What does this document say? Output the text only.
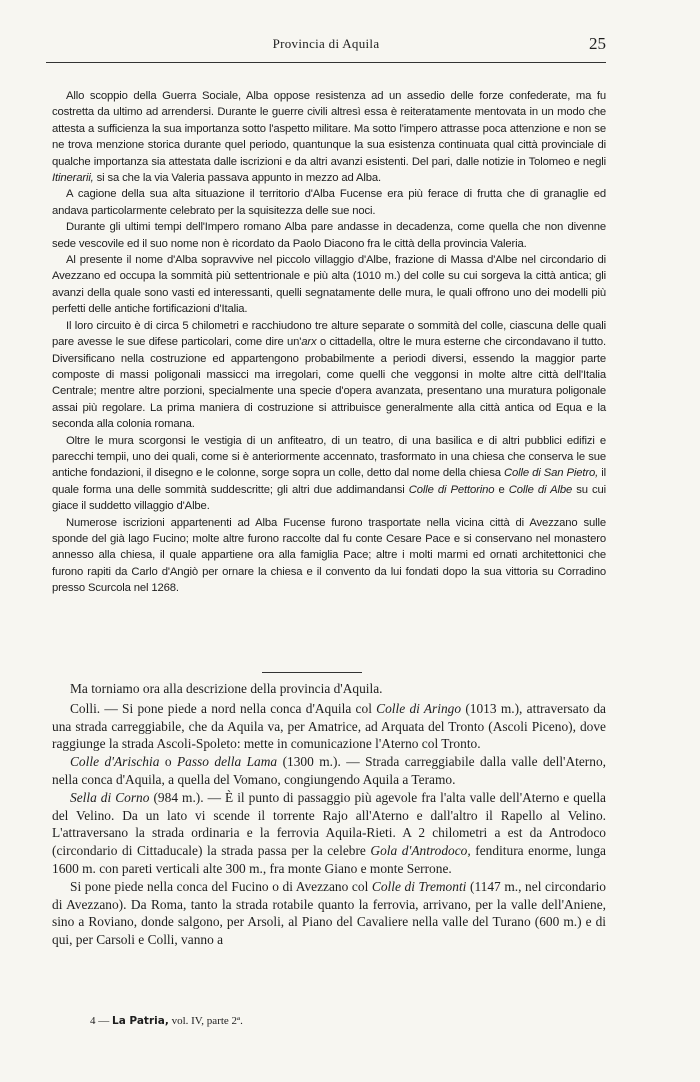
Provincia di Aquila	25

Allo scoppio della Guerra Sociale, Alba oppose resistenza ad un assedio delle forze confederate, ma fu costretta da ultimo ad arrendersi. Durante le guerre civili altresì essa è reiteratamente mentovata in un modo che attesta a sufficienza la sua importanza sotto l'aspetto militare. Ma sotto l'impero attrasse poca attenzione e non se ne trova menzione storica durante quel periodo, quantunque la sua esistenza continuata qual città provinciale di qualche importanza sia attestata dalle iscrizioni e da altri avanzi esistenti. Del pari, dalle notizie in Tolomeo e negli Itinerarii, si sa che la via Valeria passava appunto in mezzo ad Alba.

A cagione della sua alta situazione il territorio d'Alba Fucense era più ferace di frutta che di granaglie ed andava particolarmente celebrato per la squisitezza delle sue noci.

Durante gli ultimi tempi dell'Impero romano Alba pare andasse in decadenza, come quella che non divenne sede vescovile ed il suo nome non è ricordato da Paolo Diacono fra le città della provincia Valeria.

Al presente il nome d'Alba sopravvive nel piccolo villaggio d'Albe, frazione di Massa d'Albe nel circondario di Avezzano ed occupa la sommità più settentrionale e più alta (1010 m.) del colle su cui sorgeva la città antica; gli avanzi della quale sono vasti ed interessanti, quelli segnatamente delle mura, le quali offrono uno dei modelli più perfetti delle antiche fortificazioni d'Italia.

Il loro circuito è di circa 5 chilometri e racchiudono tre alture separate o sommità del colle, ciascuna delle quali pare avesse le sue difese particolari, come dire un'arx o cittadella, oltre le mura esterne che circondavano il tutto. Diversificano nella costruzione ed appartengono probabilmente a periodi diversi, essendo la maggior parte composte di massi poligonali massicci ma irregolari, come quelli che veggonsi in molte altre città dell'Italia Centrale; mentre altre porzioni, specialmente una specie d'opera avanzata, presentano una muratura poligonale assai più regolare. La prima maniera di costruzione si attribuisce generalmente alla città antica od Equa e la seconda alla colonia romana.

Oltre le mura scorgonsi le vestigia di un anfiteatro, di un teatro, di una basilica e di altri pubblici edifizi e parecchi tempii, uno dei quali, come si è anteriormente accennato, trasformato in una chiesa che conserva le sue antiche fondazioni, il disegno e le colonne, sorge sopra un colle, detto dal nome della chiesa Colle di San Pietro, il quale forma una delle sommità suddescritte; gli altri due addimandansi Colle di Pettorino e Colle di Albe su cui giace il suddetto villaggio d'Albe.

Numerose iscrizioni appartenenti ad Alba Fucense furono trasportate nella vicina città di Avezzano sulle sponde del già lago Fucino; molte altre furono raccolte dal fu conte Cesare Pace e si conservano nel monastero annesso alla chiesa, il quale appartiene ora alla famiglia Pace; altre i molti marmi ed ornati architettonici che furono rapiti da Carlo d'Angiò per ornare la chiesa e il convento da lui fondati dopo la sua vittoria su Corradino presso Scurcola nel 1268.

Ma torniamo ora alla descrizione della provincia d'Aquila.

Colli. — Si pone piede a nord nella conca d'Aquila col Colle di Aringo (1013 m.), attraversato da una strada carreggiabile, che da Aquila va, per Amatrice, ad Arquata del Tronto (Ascoli Piceno), dove raggiunge la strada Ascoli-Spoleto: mette in comunicazione l'Aterno col Tronto.

Colle d'Arischia o Passo della Lama (1300 m.). — Strada carreggiabile dalla valle dell'Aterno, nella conca d'Aquila, a quella del Vomano, congiungendo Aquila a Teramo.

Sella di Corno (984 m.). — È il punto di passaggio più agevole fra l'alta valle dell'Aterno e quella del Velino. Da un lato vi scende il torrente Rajo all'Aterno e dall'altro il Rapello al Velino. L'attraversano la strada ordinaria e la ferrovia Aquila-Rieti. A 2 chilometri a est da Antrodoco (circondario di Cittaducale) la strada passa per la celebre Gola d'Antrodoco, fenditura enorme, lunga 1600 m. con pareti verticali alte 300 m., fra monte Giano e monte Serrone.

Si pone piede nella conca del Fucino o di Avezzano col Colle di Tremonti (1147 m., nel circondario di Avezzano). Da Roma, tanto la strada rotabile quanto la ferrovia, arrivano, per la valle dell'Aniene, sino a Roviano, donde salgono, per Arsoli, al Piano del Cavaliere nella valle del Turano (600 m.) e di qui, per Carsoli e Colli, vanno a

4 — La Patria, vol. IV, parte 2ª.
